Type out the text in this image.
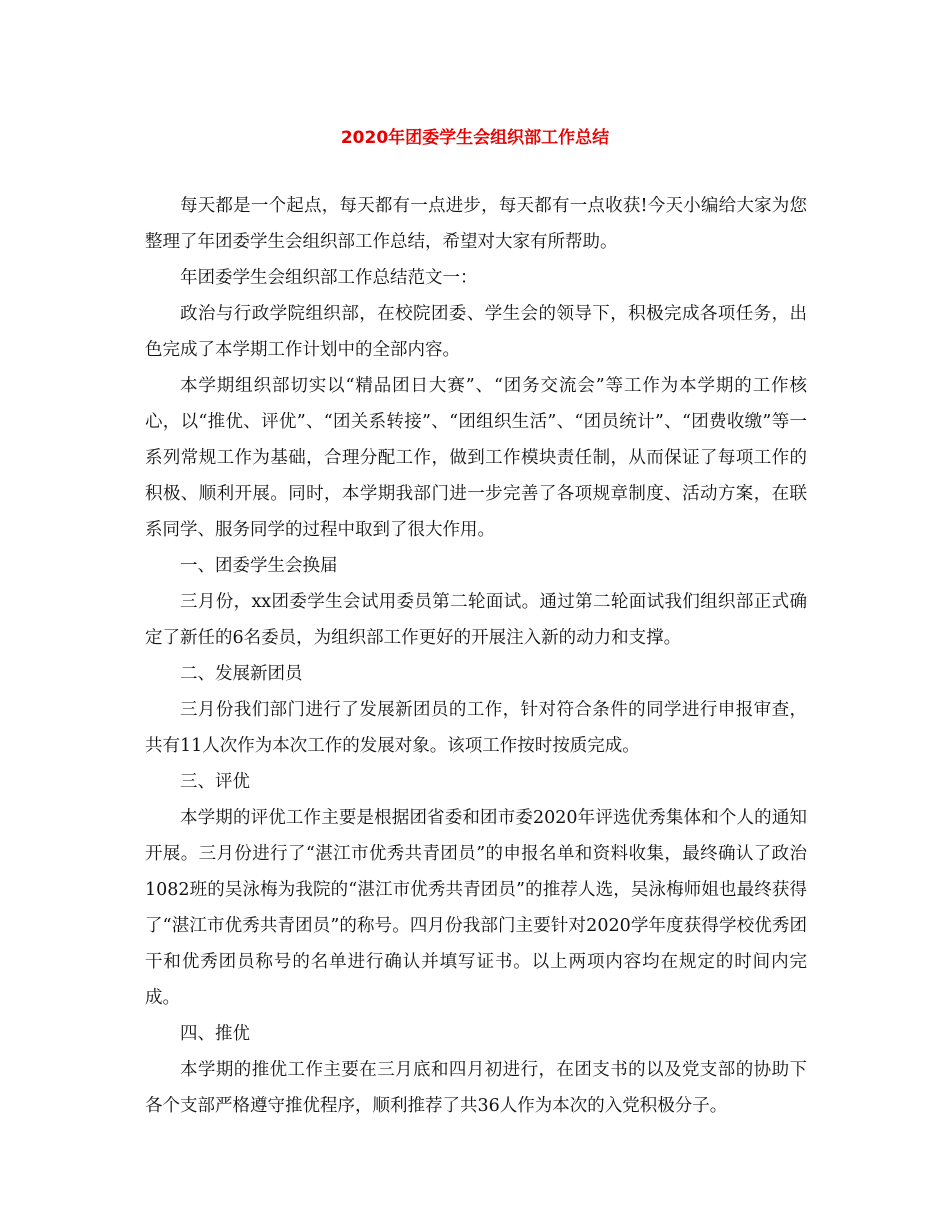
2020年团委学生会组织部工作总结

每天都是一个起点，每天都有一点进步，每天都有一点收获!今天小编给大家为您整理了年团委学生会组织部工作总结，希望对大家有所帮助。

年团委学生会组织部工作总结范文一：

政治与行政学院组织部，在校院团委、学生会的领导下，积极完成各项任务，出色完成了本学期工作计划中的全部内容。

本学期组织部切实以“精品团日大赛”、“团务交流会”等工作为本学期的工作核心，以“推优、评优”、“团关系转接”、“团组织生活”、“团员统计”、“团费收缴”等一系列常规工作为基础，合理分配工作，做到工作模块责任制，从而保证了每项工作的积极、顺利开展。同时，本学期我部门进一步完善了各项规章制度、活动方案，在联系同学、服务同学的过程中取到了很大作用。

一、团委学生会换届

三月份，xx团委学生会试用委员第二轮面试。通过第二轮面试我们组织部正式确定了新任的6名委员，为组织部工作更好的开展注入新的动力和支撑。

二、发展新团员

三月份我们部门进行了发展新团员的工作，针对符合条件的同学进行申报审查，共有11人次作为本次工作的发展对象。该项工作按时按质完成。

三、评优

本学期的评优工作主要是根据团省委和团市委2020年评选优秀集体和个人的通知开展。三月份进行了“湛江市优秀共青团员”的申报名单和资料收集，最终确认了政治1082班的吴泳梅为我院的“湛江市优秀共青团员”的推荐人选，吴泳梅师姐也最终获得了“湛江市优秀共青团员”的称号。四月份我部门主要针对2020学年度获得学校优秀团干和优秀团员称号的名单进行确认并填写证书。以上两项内容均在规定的时间内完成。

四、推优

本学期的推优工作主要在三月底和四月初进行，在团支书的以及党支部的协助下各个支部严格遵守推优程序，顺利推荐了共36人作为本次的入党积极分子。
